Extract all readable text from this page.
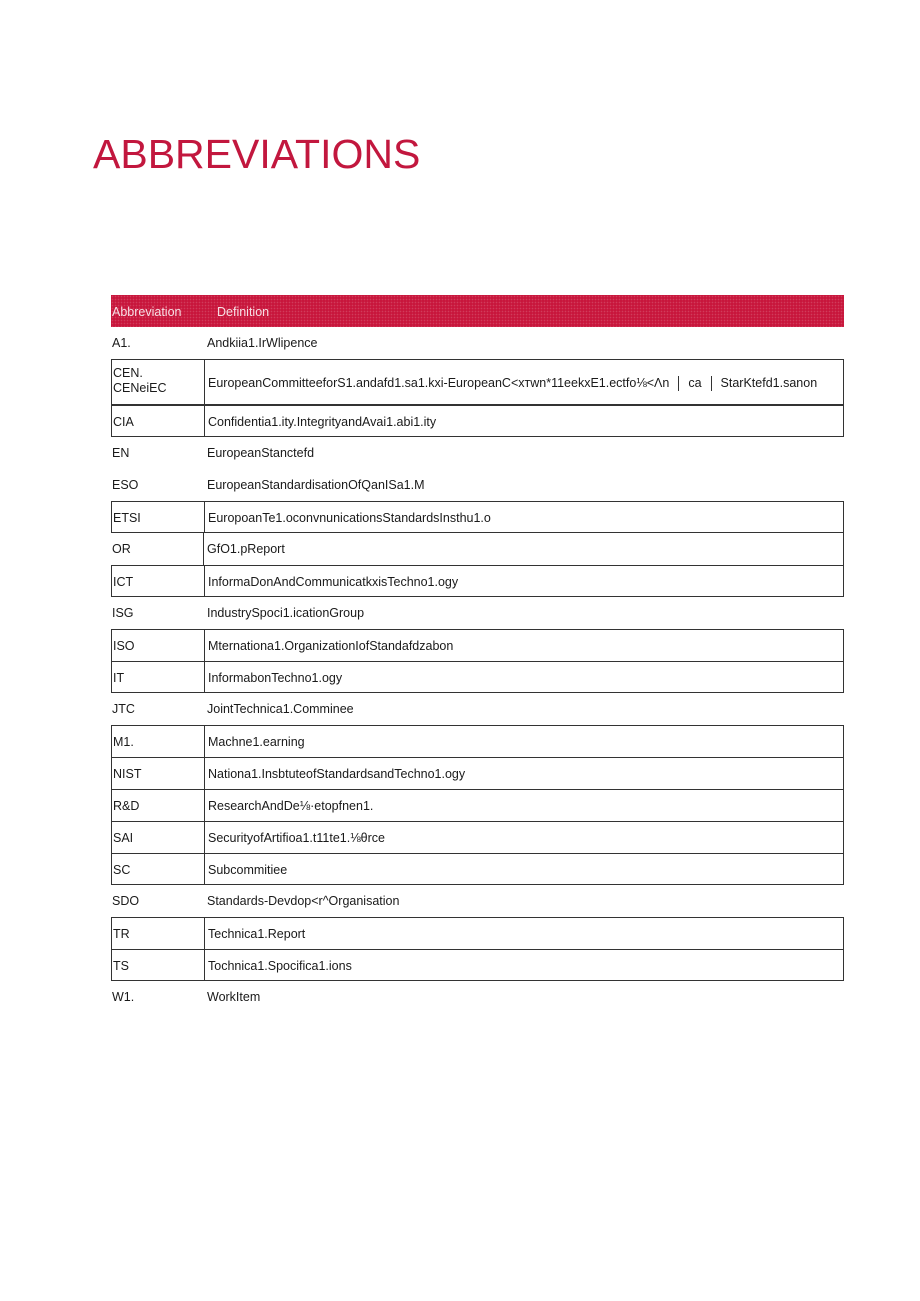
ABBREVIATIONS
Abbreviation	Definition
A1.	Andkiia1.IrWlipence
CEN. CENeiEC	EuropeanCommitteeforS1.andafd1.sa1.kxi-EuropeanC<xтwn*11eekxE1.ectfo⅛<Λn ca StarKtefd1.sanon
CIA	Confidentia1.ity.IntegrityandAvai1.abi1.ity
EN	EuropeanStanctefd
ESO	EuropeanStandardisationOfQanISa1.M
ETSI	EuropoanTe1.oconvnunicationsStandardsInsthu1.o
OR	GfO1.pReport
ICT	InformaDonAndCommunicatkxisTechno1.ogy
ISG	IndustrySpoci1.icationGroup
ISO	Mternationa1.OrganizationIofStandafdzabon
IT	InformabonTechno1.ogy
JTC	JointTechnica1.Comminee
M1.	Machne1.earning
NIST	Nationa1.InsbtuteofStandardsandTechno1.ogy
R&D	ResearchAndDe⅛·etopfnen1.
SAI	SecurityofArtifioa1.t11te1.⅛θrce
SC	Subcommitiee
SDO	Standards-Devdop<r^Organisation
TR	Technica1.Report
TS	Tochnica1.Spocifica1.ions
W1.	WorkItem
